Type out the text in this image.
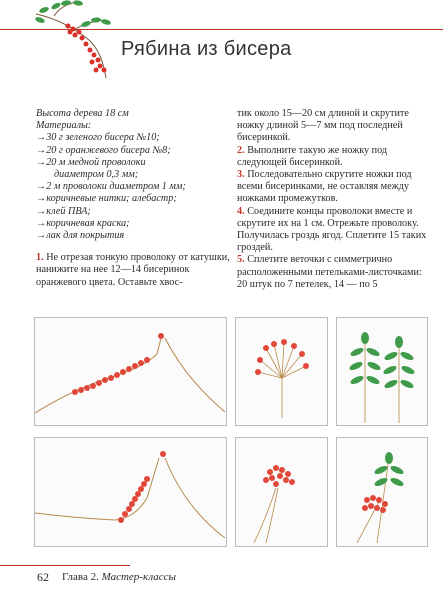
Рябина из бисера

Высота дерева 18 см

Материалы:

→30 г зеленого бисера №10;
→20 г оранжевого бисера №8;
→20 м медной проволоки
диаметром 0,3 мм;
→2 м проволоки диаметром 1 мм;
→коричневые нитки; алебастр;
→клей ПВА;
→коричневая краска;
→лак для покрытия

1. Не отрезая тонкую проволоку от катушки, нанижите на нее 12—14 бисеринок оранжевого цвета. Оставьте хвос-

тик около 15—20 см длиной и скрутите ножку длиной 5—7 мм под последней бисеринкой.

2. Выполните такую же ножку под следующей бисеринкой.

3. Последовательно скрутите ножки под всеми бисеринками, не оставляя между ножками промежутков.

4. Соедините концы проволоки вместе и скрутите их на 1 см. Отрежьте проволоку. Получилась гроздь ягод. Сплетите 15 таких гроздей.

5. Сплетите веточки с симметрично расположенными петельками-листочками: 20 штук по 7 петелек, 14 — по 5

62 Глава 2. Мастер-классы
